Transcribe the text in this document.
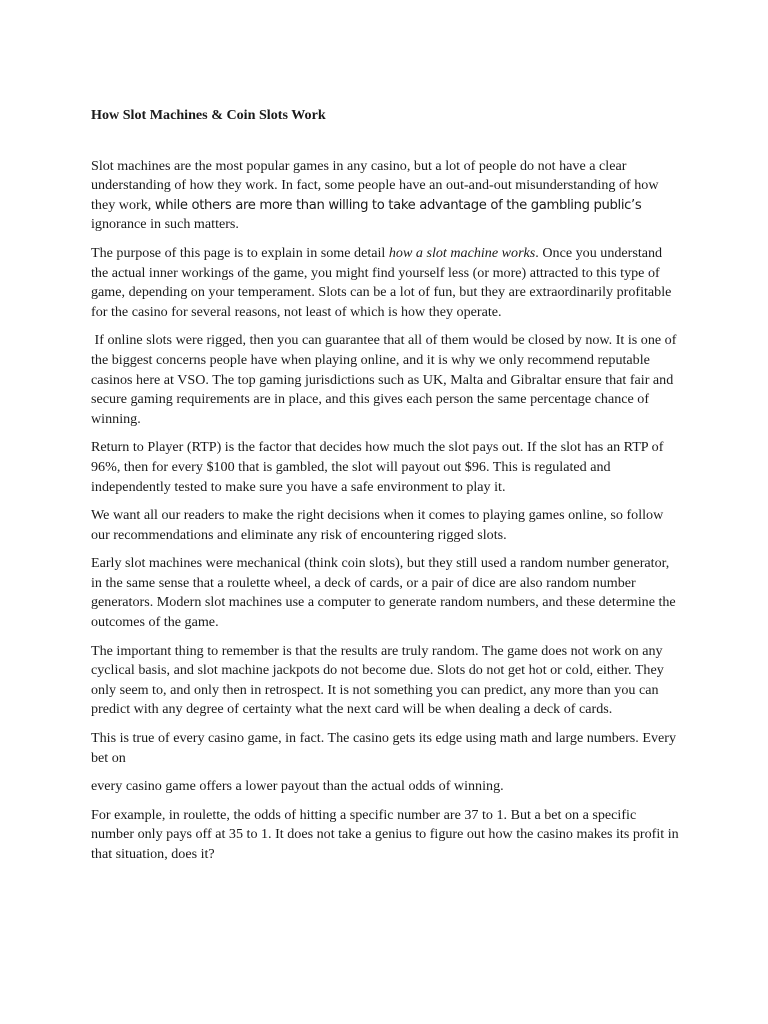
How Slot Machines & Coin Slots Work

Slot machines are the most popular games in any casino, but a lot of people do not have a clear understanding of how they work. In fact, some people have an out-and-out misunderstanding of how they work, while others are more than willing to take advantage of the gambling public’s ignorance in such matters.

The purpose of this page is to explain in some detail how a slot machine works. Once you understand the actual inner workings of the game, you might find yourself less (or more) attracted to this type of game, depending on your temperament. Slots can be a lot of fun, but they are extraordinarily profitable for the casino for several reasons, not least of which is how they operate.

If online slots were rigged, then you can guarantee that all of them would be closed by now. It is one of the biggest concerns people have when playing online, and it is why we only recommend reputable casinos here at VSO. The top gaming jurisdictions such as UK, Malta and Gibraltar ensure that fair and secure gaming requirements are in place, and this gives each person the same percentage chance of winning.

Return to Player (RTP) is the factor that decides how much the slot pays out. If the slot has an RTP of 96%, then for every $100 that is gambled, the slot will payout out $96. This is regulated and independently tested to make sure you have a safe environment to play it.

We want all our readers to make the right decisions when it comes to playing games online, so follow our recommendations and eliminate any risk of encountering rigged slots.

Early slot machines were mechanical (think coin slots), but they still used a random number generator, in the same sense that a roulette wheel, a deck of cards, or a pair of dice are also random number generators. Modern slot machines use a computer to generate random numbers, and these determine the outcomes of the game.

The important thing to remember is that the results are truly random. The game does not work on any cyclical basis, and slot machine jackpots do not become due. Slots do not get hot or cold, either. They only seem to, and only then in retrospect. It is not something you can predict, any more than you can predict with any degree of certainty what the next card will be when dealing a deck of cards.

This is true of every casino game, in fact. The casino gets its edge using math and large numbers. Every bet on

every casino game offers a lower payout than the actual odds of winning.

For example, in roulette, the odds of hitting a specific number are 37 to 1. But a bet on a specific number only pays off at 35 to 1. It does not take a genius to figure out how the casino makes its profit in that situation, does it?
